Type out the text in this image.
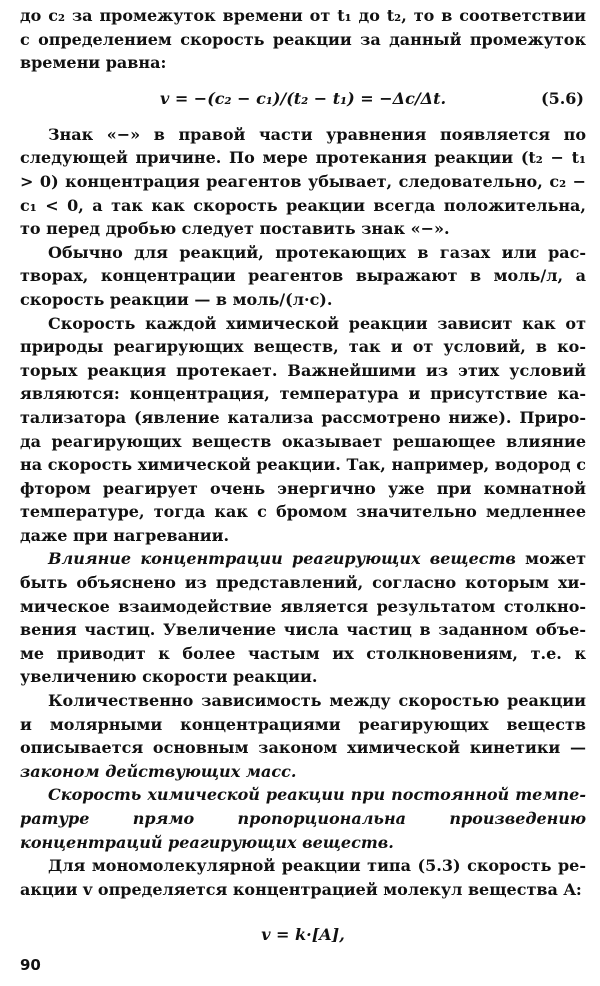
до c₂ за промежуток времени от t₁ до t₂, то в соответствии с определением скорость реакции за данный промежуток времени равна:

v = −(c₂ − c₁)/(t₂ − t₁) = −Δc/Δt.	(5.6)

Знак «−» в правой части уравнения появляется по следующей причине. По мере протекания реакции (t₂ − t₁ > 0) концентрация реагентов убывает, следовательно, c₂ − c₁ < 0, а так как скорость реакции всегда положительна, то перед дробью следует поставить знак «−».

Обычно для реакций, протекающих в газах или растворах, концентрации реагентов выражают в моль/л, а скорость реакции — в моль/(л·с).

Скорость каждой химической реакции зависит как от природы реагирующих веществ, так и от условий, в которых реакция протекает. Важнейшими из этих условий являются: концентрация, температура и присутствие катализатора (явление катализа рассмотрено ниже). Природа реагирующих веществ оказывает решающее влияние на скорость химической реакции. Так, например, водород с фтором реагирует очень энергично уже при комнатной температуре, тогда как с бромом значительно медленнее даже при нагревании.

Влияние концентрации реагирующих веществ может быть объяснено из представлений, согласно которым химическое взаимодействие является результатом столкновения частиц. Увеличение числа частиц в заданном объеме приводит к более частым их столкновениям, т.е. к увеличению скорости реакции.

Количественно зависимость между скоростью реакции и молярными концентрациями реагирующих веществ описывается основным законом химической кинетики — законом действующих масс.

Скорость химической реакции при постоянной температуре прямо пропорциональна произведению концентраций реагирующих веществ.

Для мономолекулярной реакции типа (5.3) скорость реакции v определяется концентрацией молекул вещества A:

v = k·[A],
90
